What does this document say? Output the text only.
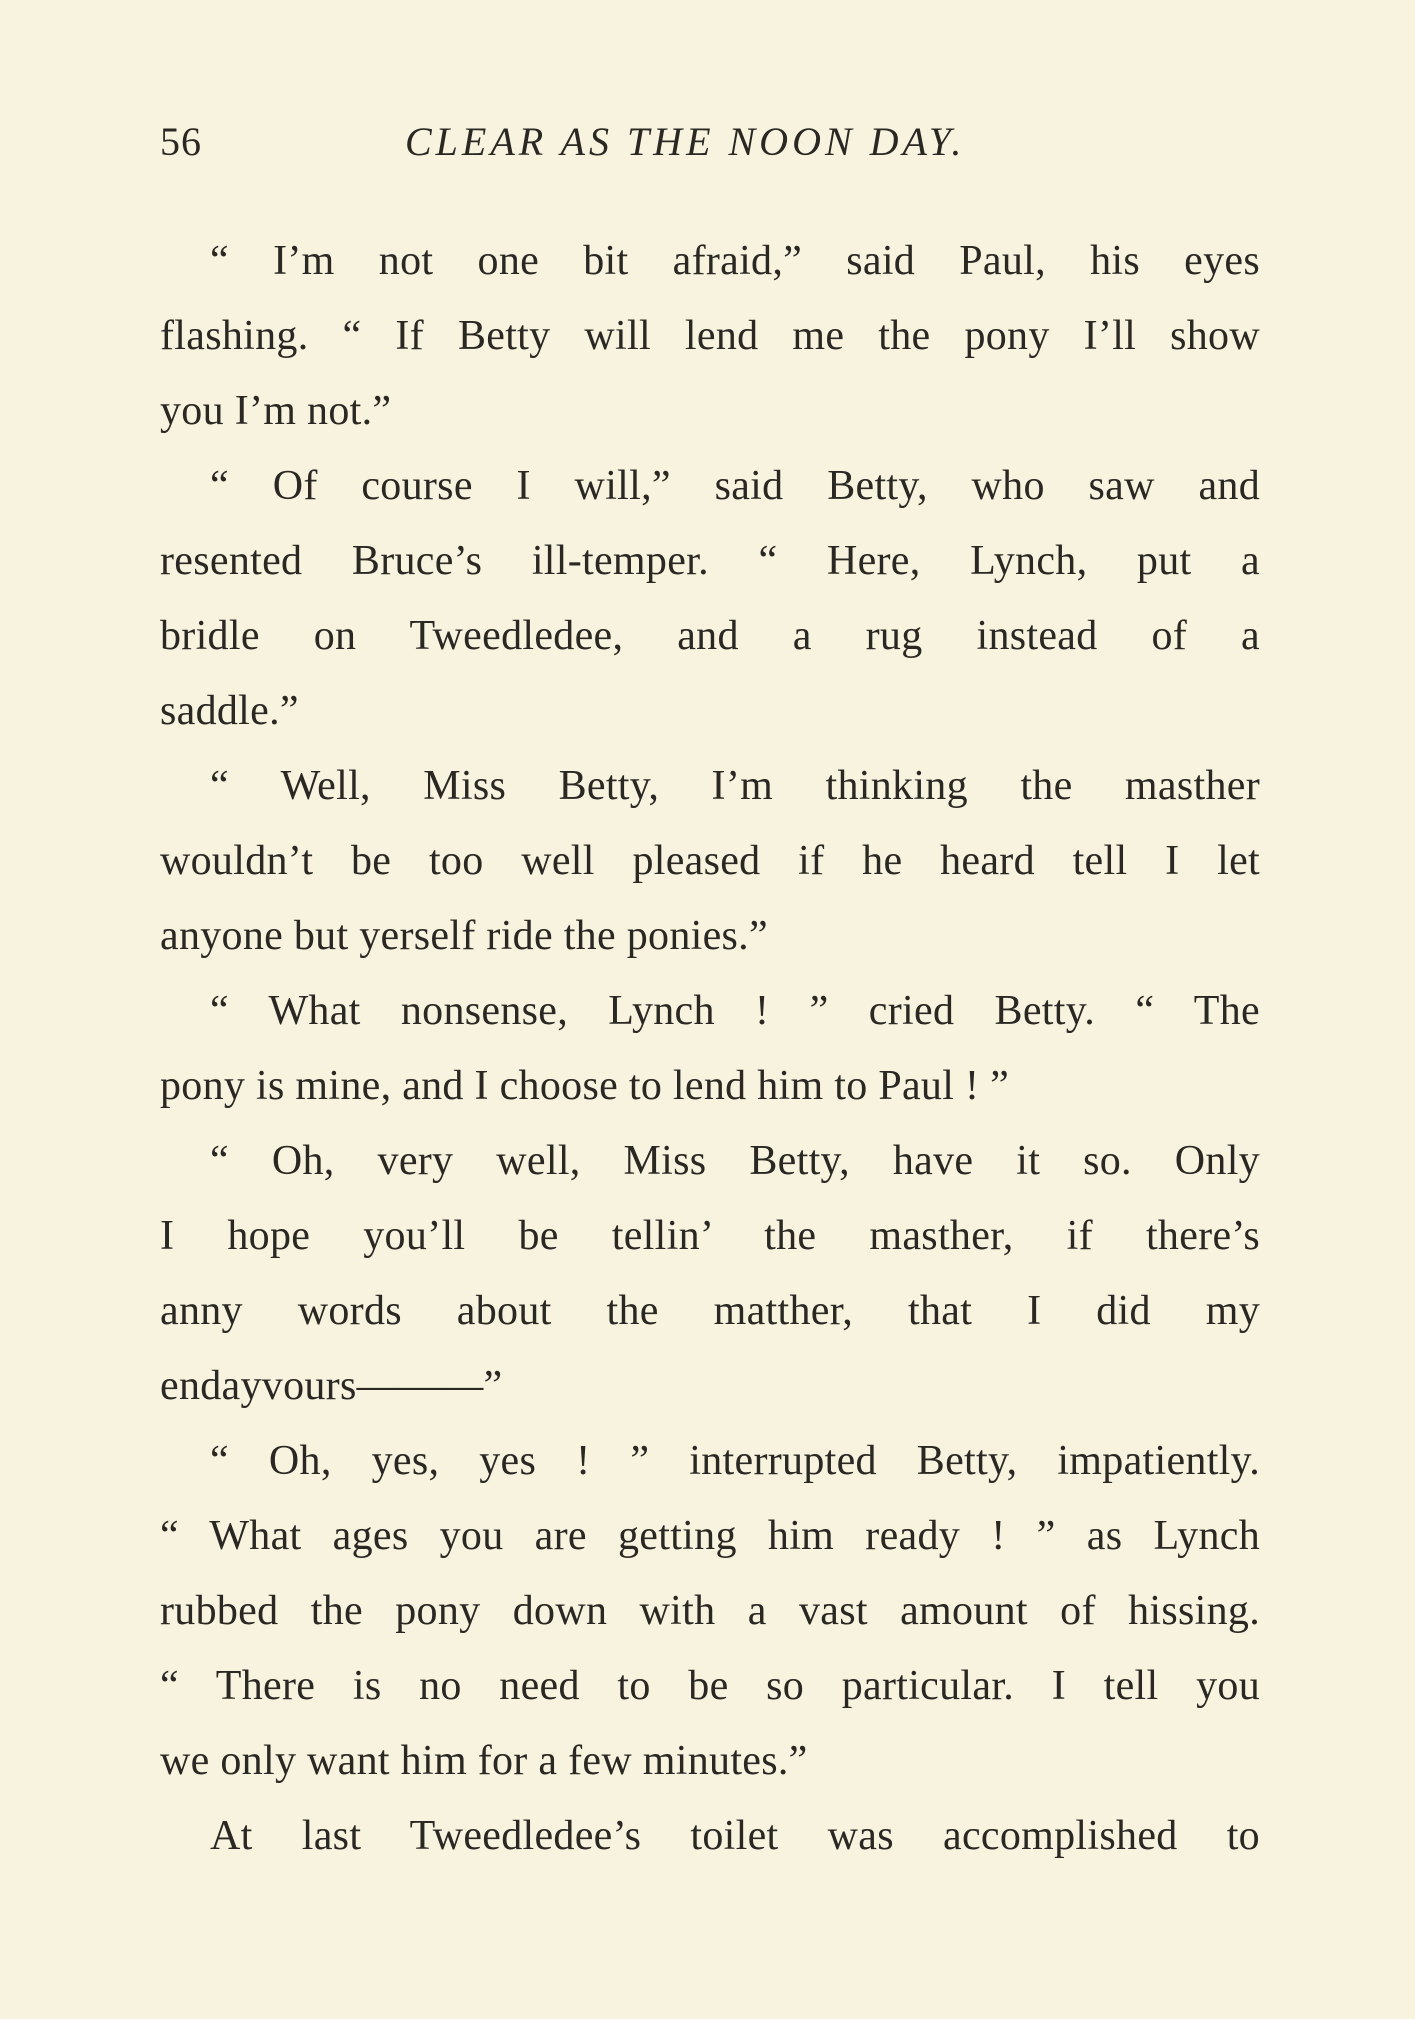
56	CLEAR AS THE NOON DAY.
“ I’m not one bit afraid,” said Paul, his eyes
flashing. “ If Betty will lend me the pony I’ll show
you I’m not.”
“ Of course I will,” said Betty, who saw and
resented Bruce’s ill-temper. “ Here, Lynch, put a
bridle on Tweedledee, and a rug instead of a
saddle.”
“ Well, Miss Betty, I’m thinking the masther
wouldn’t be too well pleased if he heard tell I let
anyone but yerself ride the ponies.”
“ What nonsense, Lynch ! ” cried Betty. “ The
pony is mine, and I choose to lend him to Paul ! ”
“ Oh, very well, Miss Betty, have it so. Only
I hope you’ll be tellin’ the masther, if there’s
anny words about the matther, that I did my
endayvours———”
“ Oh, yes, yes ! ” interrupted Betty, impatiently.
“ What ages you are getting him ready ! ” as Lynch
rubbed the pony down with a vast amount of hissing.
“ There is no need to be so particular. I tell you
we only want him for a few minutes.”
At last Tweedledee’s toilet was accomplished to
